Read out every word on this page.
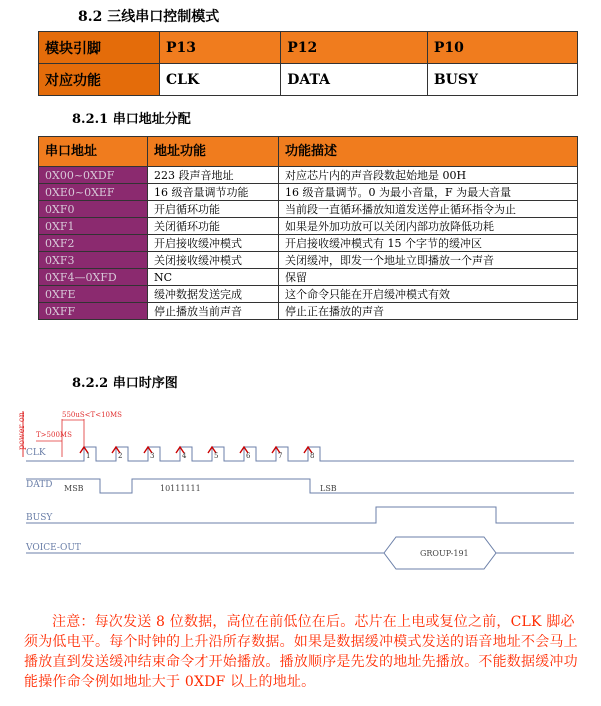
8.2 三线串口控制模式
模块引脚	P13	P12	P10
对应功能	CLK	DATA	BUSY
8.2.1 串口地址分配
串口地址	地址功能	功能描述
0X00~0XDF	223 段声音地址	对应芯片内的声音段数起始地是 00H
0XE0~0XEF	16 级音量调节功能	16 级音量调节。0 为最小音量，F 为最大音量
0XF0	开启循环功能	当前段一直循环播放知道发送停止循环指令为止
0XF1	关闭循环功能	如果是外加功放可以关闭内部功放降低功耗
0XF2	开启接收缓冲模式	开启接收缓冲模式有 15 个字节的缓冲区
0XF3	关闭接收缓冲模式	关闭缓冲，即发一个地址立即播放一个声音
0XF4—0XFD	NC	保留
0XFE	缓冲数据发送完成	这个命令只能在开启缓冲模式有效
0XFF	停止播放当前声音	停止正在播放的声音
8.2.2 串口时序图
power on	550uS<T<10MS
T>500MS
CLK	1	2	3	4	5	6	7	8
DATD MSB	10111111	LSB
BUSY
VOICE-OUT
GROUP-191
注意：每次发送 8 位数据，高位在前低位在后。芯片在上电或复位之前，CLK 脚必须为低电平。每个时钟的上升沿所存数据。如果是数据缓冲模式发送的语音地址不会马上播放直到发送缓冲结束命令才开始播放。播放顺序是先发的地址先播放。不能数据缓冲功能操作命令例如地址大于 0XDF 以上的地址。
